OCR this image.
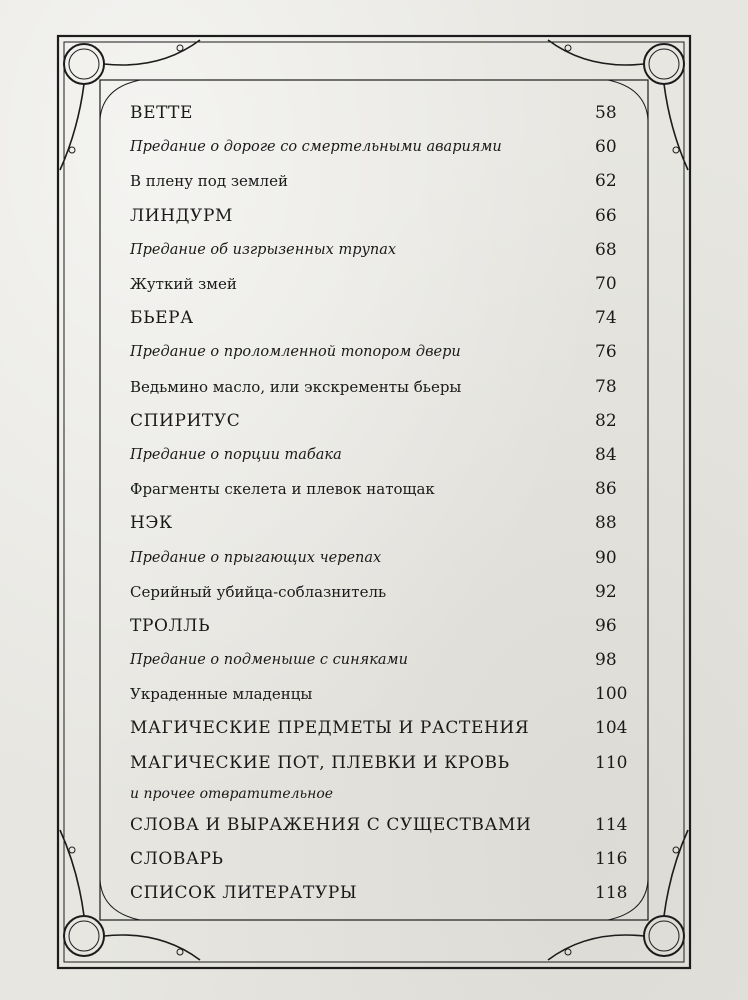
ВЕТТЕ	58
Предание о дороге со смертельными авариями	60
В плену под землей	62
ЛИНДУРМ	66
Предание об изгрызенных трупах	68
Жуткий змей	70
БЬЕРА	74
Предание о проломленной топором двери	76
Ведьмино масло, или экскременты бьеры	78
СПИРИТУС	82
Предание о порции табака	84
Фрагменты скелета и плевок натощак	86
НЭК	88
Предание о прыгающих черепах	90
Серийный убийца-соблазнитель	92
ТРОЛЛЬ	96
Предание о подменыше с синяками	98
Украденные младенцы	100
МАГИЧЕСКИЕ ПРЕДМЕТЫ И РАСТЕНИЯ	104
МАГИЧЕСКИЕ ПОТ, ПЛЕВКИ И КРОВЬ	110
и прочее отвратительное
СЛОВА И ВЫРАЖЕНИЯ С СУЩЕСТВАМИ	114
СЛОВАРЬ	116
СПИСОК ЛИТЕРАТУРЫ	118
